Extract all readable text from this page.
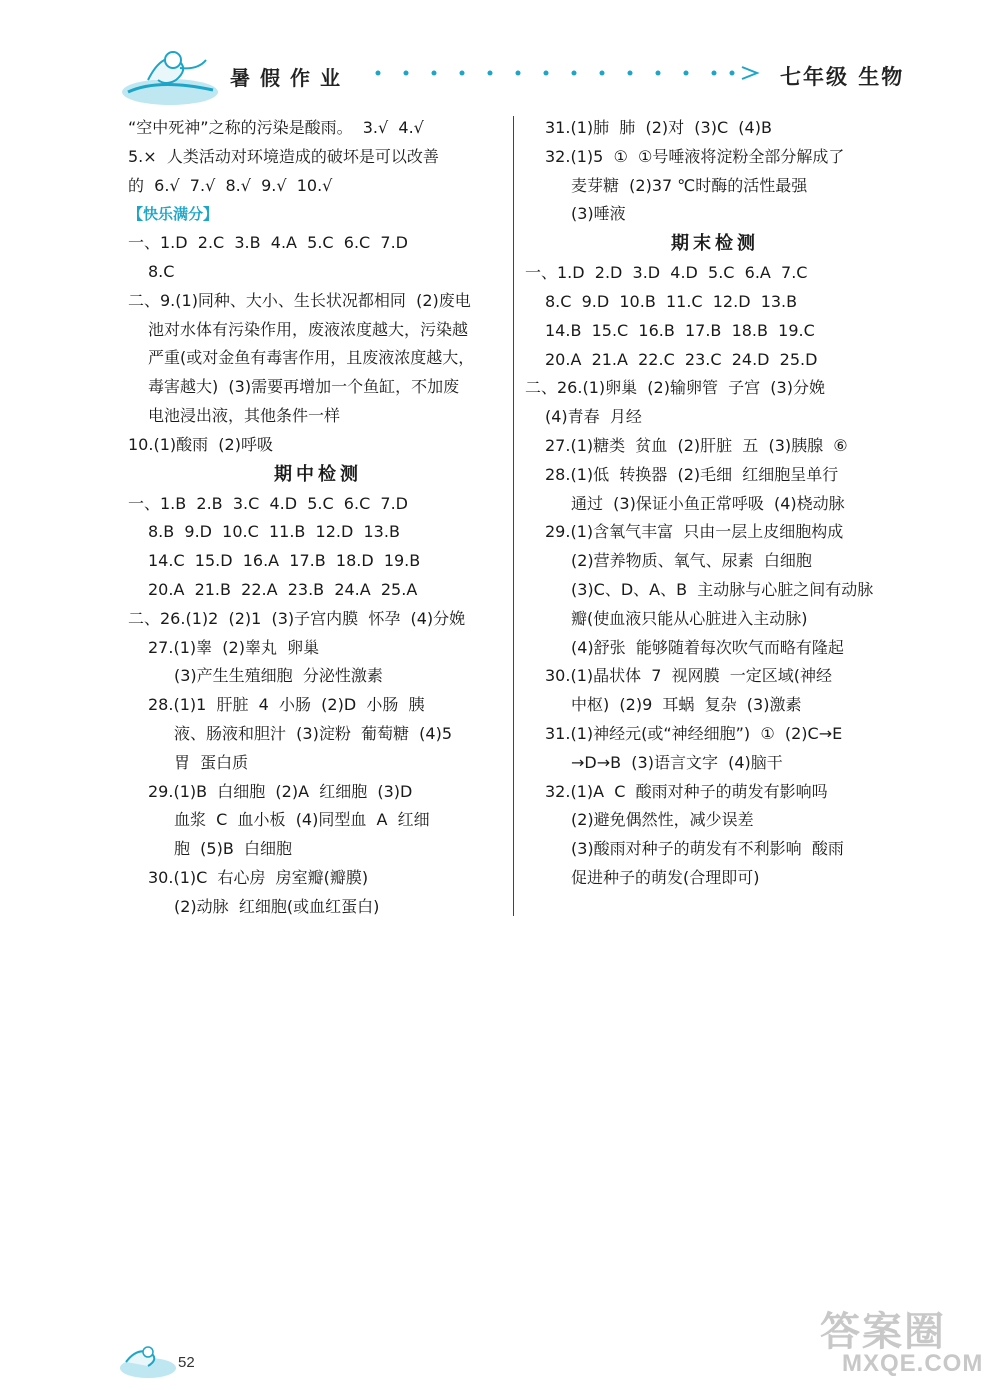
暑假作业	七年级 生物
“空中死神”之称的污染是酸雨。  3.√  4.√
5.×  人类活动对环境造成的破坏是可以改善
的  6.√  7.√  8.√  9.√  10.√
【快乐满分】
一、1.D  2.C  3.B  4.A  5.C  6.C  7.D
8.C
二、9.(1)同种、大小、生长状况都相同  (2)废电
池对水体有污染作用，废液浓度越大，污染越
严重(或对金鱼有毒害作用，且废液浓度越大，
毒害越大)  (3)需要再增加一个鱼缸，不加废
电池浸出液，其他条件一样
10.(1)酸雨  (2)呼吸
期中检测
一、1.B  2.B  3.C  4.D  5.C  6.C  7.D
8.B  9.D  10.C  11.B  12.D  13.B
14.C  15.D  16.A  17.B  18.D  19.B
20.A  21.B  22.A  23.B  24.A  25.A
二、26.(1)2  (2)1  (3)子宫内膜  怀孕  (4)分娩
27.(1)睾  (2)睾丸  卵巢
(3)产生生殖细胞  分泌性激素
28.(1)1  肝脏  4  小肠  (2)D  小肠  胰
液、肠液和胆汁  (3)淀粉  葡萄糖  (4)5
胃  蛋白质
29.(1)B  白细胞  (2)A  红细胞  (3)D
血浆  C  血小板  (4)同型血  A  红细
胞  (5)B  白细胞
30.(1)C  右心房  房室瓣(瓣膜)
(2)动脉  红细胞(或血红蛋白)
31.(1)肺  肺  (2)对  (3)C  (4)B
32.(1)5  ①  ①号唾液将淀粉全部分解成了
麦芽糖  (2)37 ℃时酶的活性最强
(3)唾液
期末检测
一、1.D  2.D  3.D  4.D  5.C  6.A  7.C
8.C  9.D  10.B  11.C  12.D  13.B
14.B  15.C  16.B  17.B  18.B  19.C
20.A  21.A  22.C  23.C  24.D  25.D
二、26.(1)卵巢  (2)输卵管  子宫  (3)分娩
(4)青春  月经
27.(1)糖类  贫血  (2)肝脏  五  (3)胰腺  ⑥
28.(1)低  转换器  (2)毛细  红细胞呈单行
通过  (3)保证小鱼正常呼吸  (4)桡动脉
29.(1)含氧气丰富  只由一层上皮细胞构成
(2)营养物质、氧气、尿素  白细胞
(3)C、D、A、B  主动脉与心脏之间有动脉
瓣(使血液只能从心脏进入主动脉)
(4)舒张  能够随着每次吹气而略有隆起
30.(1)晶状体  7  视网膜  一定区域(神经
中枢)  (2)9  耳蜗  复杂  (3)激素
31.(1)神经元(或“神经细胞”)  ①  (2)C→E
→D→B  (3)语言文字  (4)脑干
32.(1)A  C  酸雨对种子的萌发有影响吗
(2)避免偶然性，减少误差
(3)酸雨对种子的萌发有不利影响  酸雨
促进种子的萌发(合理即可)
52
答案圈
MXQE.COM
